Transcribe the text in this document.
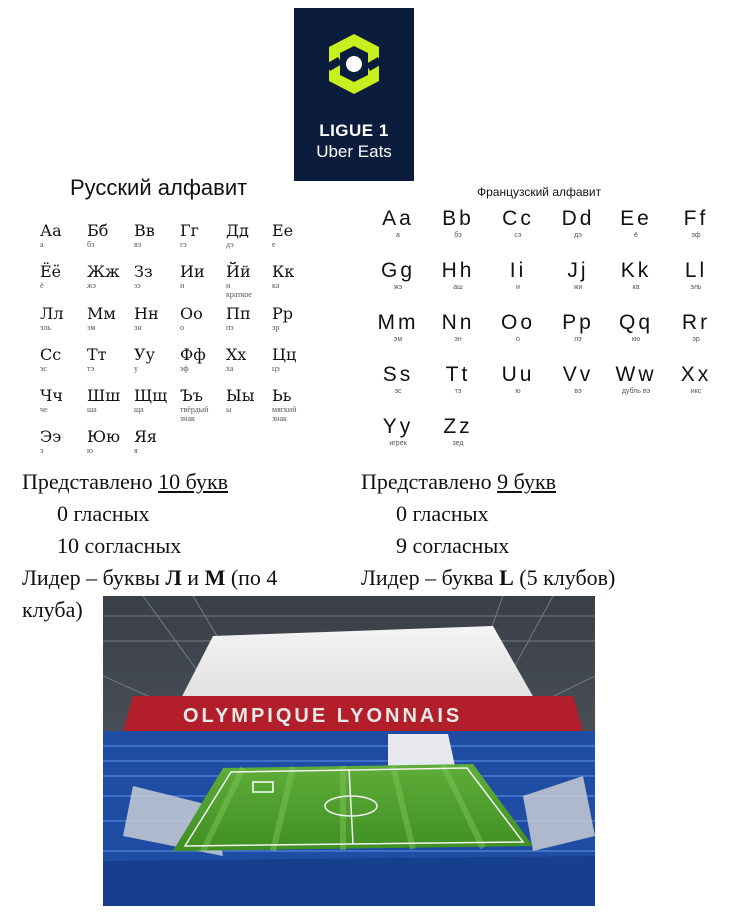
LIGUE 1
Uber Eats
Русский алфавит
Аа
а
Бб
бэ
Вв
вэ
Гг
гэ
Дд
дэ
Ее
е
Ёё
ё
Жж
жэ
Зз
зэ
Ии
и
Йй
и
краткое
Кк
ка
Лл
эль
Мм
эм
Нн
эн
Оо
о
Пп
пэ
Рр
эр
Сс
эс
Тт
тэ
Уу
у
Фф
эф
Хх
ха
Цц
цэ
Чч
че
Шш
ша
Щщ
ща
Ъъ
твёрдый
знак
Ыы
ы
Ьь
мягкий
знак
Ээ
э
Юю
ю
Яя
я
Французский алфавит
Aa
а
Bb
бэ
Cc
сэ
Dd
дэ
Ee
ё
Ff
эф
Gg
жэ
Hh
аш
Ii
и
Jj
жи
Kk
ка
Ll
эль
Mm
эм
Nn
эн
Oo
о
Pp
пэ
Qq
кю
Rr
эр
Ss
эс
Tt
тэ
Uu
ю
Vv
вэ
Ww
дубль вэ
Xx
икс
Yy
игрек
Zz
зед
Представлено 10 букв
0 гласных
10 согласных
Лидер – буквы Л и М (по 4
клуба)
Представлено 9 букв
0 гласных
9 согласных
Лидер – буква L (5 клубов)
OLYMPIQUE LYONNAIS
